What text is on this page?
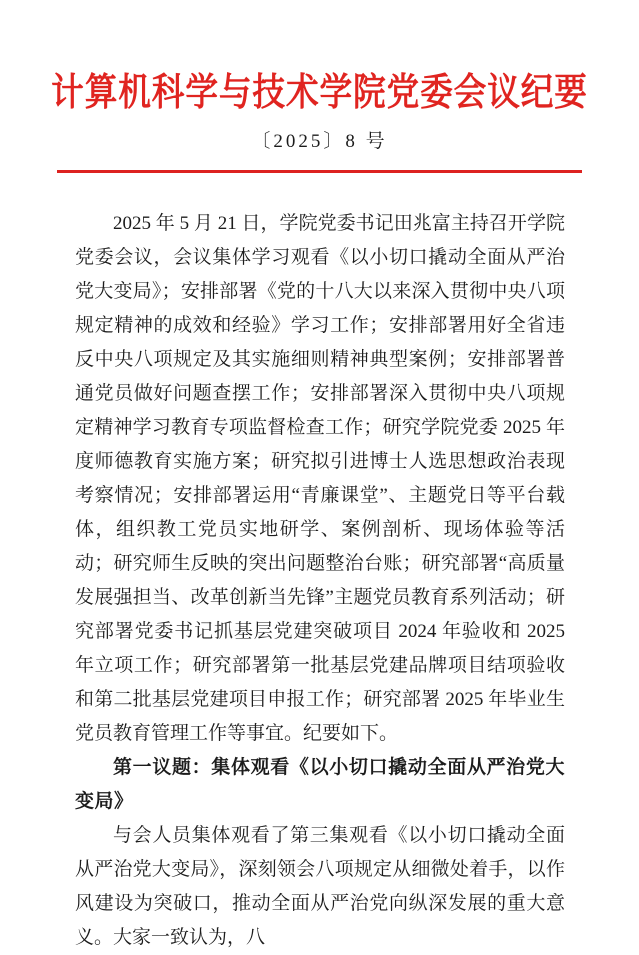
计算机科学与技术学院党委会议纪要
〔2025〕8 号

2025 年 5 月 21 日，学院党委书记田兆富主持召开学院党委会议，会议集体学习观看《以小切口撬动全面从严治党大变局》；安排部署《党的十八大以来深入贯彻中央八项规定精神的成效和经验》学习工作；安排部署用好全省违反中央八项规定及其实施细则精神典型案例；安排部署普通党员做好问题查摆工作；安排部署深入贯彻中央八项规定精神学习教育专项监督检查工作；研究学院党委 2025 年度师德教育实施方案；研究拟引进博士人选思想政治表现考察情况；安排部署运用“青廉课堂”、主题党日等平台载体，组织教工党员实地研学、案例剖析、现场体验等活动；研究师生反映的突出问题整治台账；研究部署“高质量发展强担当、改革创新当先锋”主题党员教育系列活动；研究部署党委书记抓基层党建突破项目 2024 年验收和 2025 年立项工作；研究部署第一批基层党建品牌项目结项验收和第二批基层党建项目申报工作；研究部署 2025 年毕业生党员教育管理工作等事宜。纪要如下。

第一议题：集体观看《以小切口撬动全面从严治党大变局》

与会人员集体观看了第三集观看《以小切口撬动全面从严治党大变局》，深刻领会八项规定从细微处着手，以作风建设为突破口，推动全面从严治党向纵深发展的重大意义。大家一致认为，八
